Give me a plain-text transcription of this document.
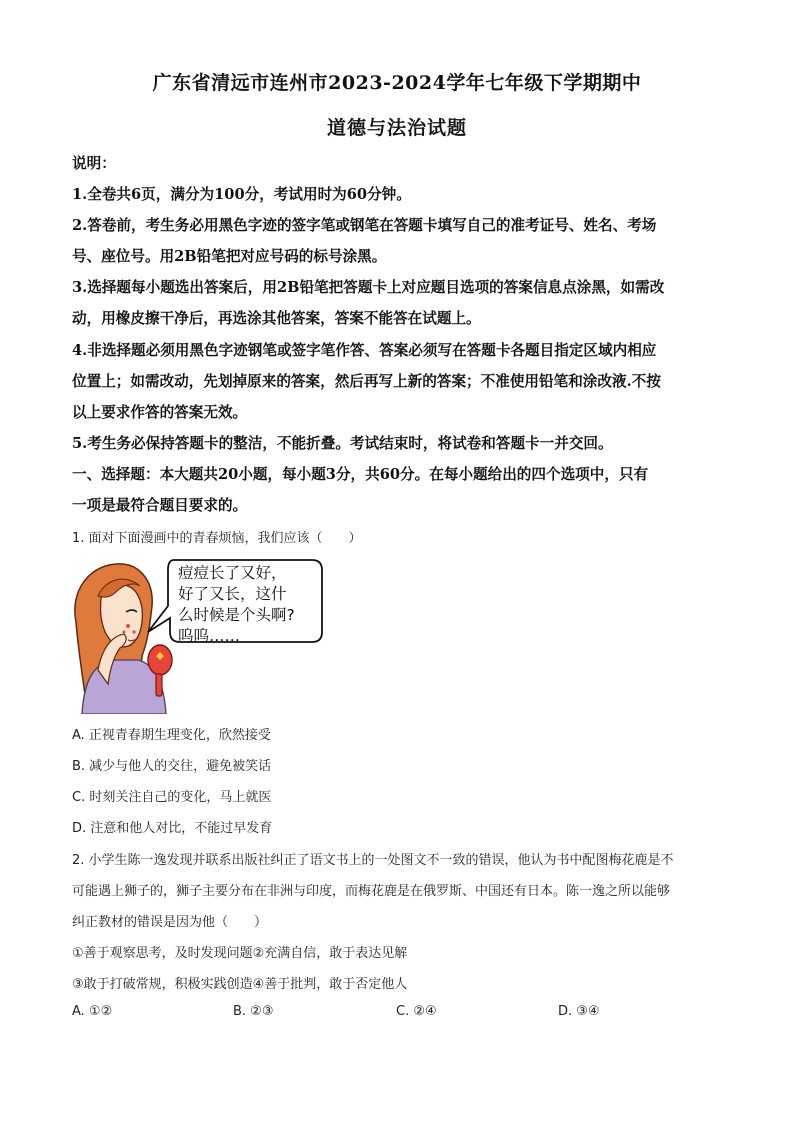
广东省清远市连州市2023-2024学年七年级下学期期中
道德与法治试题
说明：
1.全卷共6页，满分为100分，考试用时为60分钟。
2.答卷前，考生务必用黑色字迹的签字笔或钢笔在答题卡填写自己的准考证号、姓名、考场
号、座位号。用2B铅笔把对应号码的标号涂黑。
3.选择题每小题选出答案后，用2B铅笔把答题卡上对应题目选项的答案信息点涂黑，如需改
动，用橡皮擦干净后，再选涂其他答案，答案不能答在试题上。
4.非选择题必须用黑色字迹钢笔或签字笔作答、答案必须写在答题卡各题目指定区域内相应
位置上；如需改动，先划掉原来的答案，然后再写上新的答案；不准使用铅笔和涂改液.不按
以上要求作答的答案无效。
5.考生务必保持答题卡的整洁，不能折叠。考试结束时，将试卷和答题卡一并交回。
一、选择题：本大题共20小题，每小题3分，共60分。在每小题给出的四个选项中，只有
一项是最符合题目要求的。
1. 面对下面漫画中的青春烦恼，我们应该（　　）
痘痘长了又好，
好了又长，这什
么时候是个头啊?
呜呜……
A. 正视青春期生理变化，欣然接受
B. 减少与他人的交往，避免被笑话
C. 时刻关注自己的变化，马上就医
D. 注意和他人对比，不能过早发育
2. 小学生陈一逸发现并联系出版社纠正了语文书上的一处图文不一致的错误，他认为书中配图梅花鹿是不
可能遇上狮子的，狮子主要分布在非洲与印度，而梅花鹿是在俄罗斯、中国还有日本。陈一逸之所以能够
纠正教材的错误是因为他（　　）
①善于观察思考，及时发现问题②充满自信，敢于表达见解
③敢于打破常规，积极实践创造④善于批判，敢于否定他人
A. ①②	B. ②③	C. ②④	D. ③④
